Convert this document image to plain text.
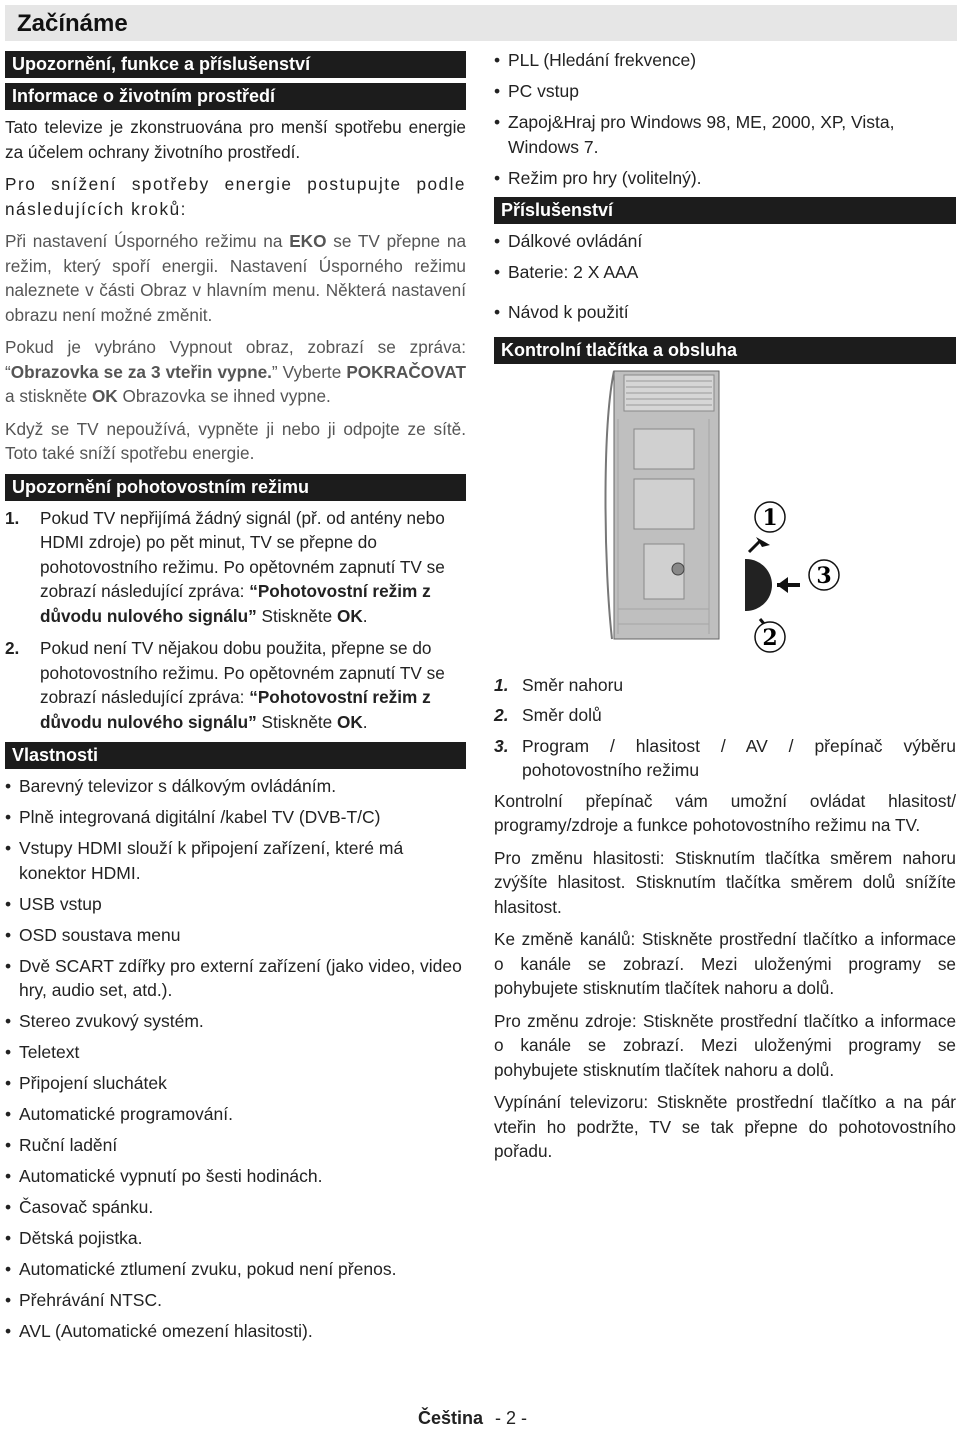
Začínáme
Upozornění, funkce a příslušenství
Informace o životním prostředí

Tato televize je zkonstruována pro menší spotřebu energie za účelem ochrany životního prostředí.

Pro snížení spotřeby energie postupujte podle následujících kroků:

Při nastavení Úsporného režimu na EKO se TV přepne na režim, který spoří energii. Nastavení Úsporného režimu naleznete v části Obraz v hlavním menu. Některá nastavení obrazu není možné změnit.

Pokud je vybráno Vypnout obraz, zobrazí se zpráva: “Obrazovka se za 3 vteřin vypne.” Vyberte POKRAČOVAT a stiskněte OK Obrazovka se ihned vypne.

Když se TV nepoužívá, vypněte ji nebo ji odpojte ze sítě. Toto také sníží spotřebu energie.

Upozornění pohotovostním režimu
1. Pokud TV nepřijímá žádný signál (př. od antény nebo HDMI zdroje) po pět minut, TV se přepne do pohotovostního režimu. Po opětovném zapnutí TV se zobrazí následující zpráva: “Pohotovostní režim z důvodu nulového signálu” Stiskněte OK.
2. Pokud není TV nějakou dobu použita, přepne se do pohotovostního režimu. Po opětovném zapnutí TV se zobrazí následující zpráva: “Pohotovostní režim z důvodu nulového signálu” Stiskněte OK.
Vlastnosti
• Barevný televizor s dálkovým ovládáním.
• Plně integrovaná digitální /kabel TV (DVB-T/C)
• Vstupy HDMI slouží k připojení zařízení, které má konektor HDMI.
• USB vstup
• OSD soustava menu
• Dvě SCART zdířky pro externí zařízení (jako video, video hry, audio set, atd.).
• Stereo zvukový systém.
• Teletext
• Připojení sluchátek
• Automatické programování.
• Ruční ladění
• Automatické vypnutí po šesti hodinách.
• Časovač spánku.
• Dětská pojistka.
• Automatické ztlumení zvuku, pokud není přenos.
• Přehrávání NTSC.
• AVL (Automatické omezení hlasitosti).
• PLL (Hledání frekvence)
• PC vstup
• Zapoj&Hraj pro Windows 98, ME, 2000, XP, Vista, Windows 7.
• Režim pro hry (volitelný).
Příslušenství
• Dálkové ovládání
• Baterie: 2 X AAA
• Návod k použití
Kontrolní tlačítka a obsluha
1
2
3
1. Směr nahoru
2. Směr dolů
3. Program / hlasitost / AV / přepínač výběru pohotovostního režimu

Kontrolní přepínač vám umožní ovládat hlasitost/ programy/zdroje a funkce pohotovostního režimu na TV.

Pro změnu hlasitosti: Stisknutím tlačítka směrem nahoru zvýšíte hlasitost. Stisknutím tlačítka směrem dolů snížíte hlasitost.

Ke změně kanálů: Stiskněte prostřední tlačítko a informace o kanále se zobrazí. Mezi uloženými programy se pohybujete stisknutím tlačítek nahoru a dolů.

Pro změnu zdroje: Stiskněte prostřední tlačítko a informace o kanále se zobrazí. Mezi uloženými programy se pohybujete stisknutím tlačítek nahoru a dolů.

Vypínání televizoru: Stiskněte prostřední tlačítko a na pár vteřin ho podržte, TV se tak přepne do pohotovostního pořadu.

Čeština - 2 -
